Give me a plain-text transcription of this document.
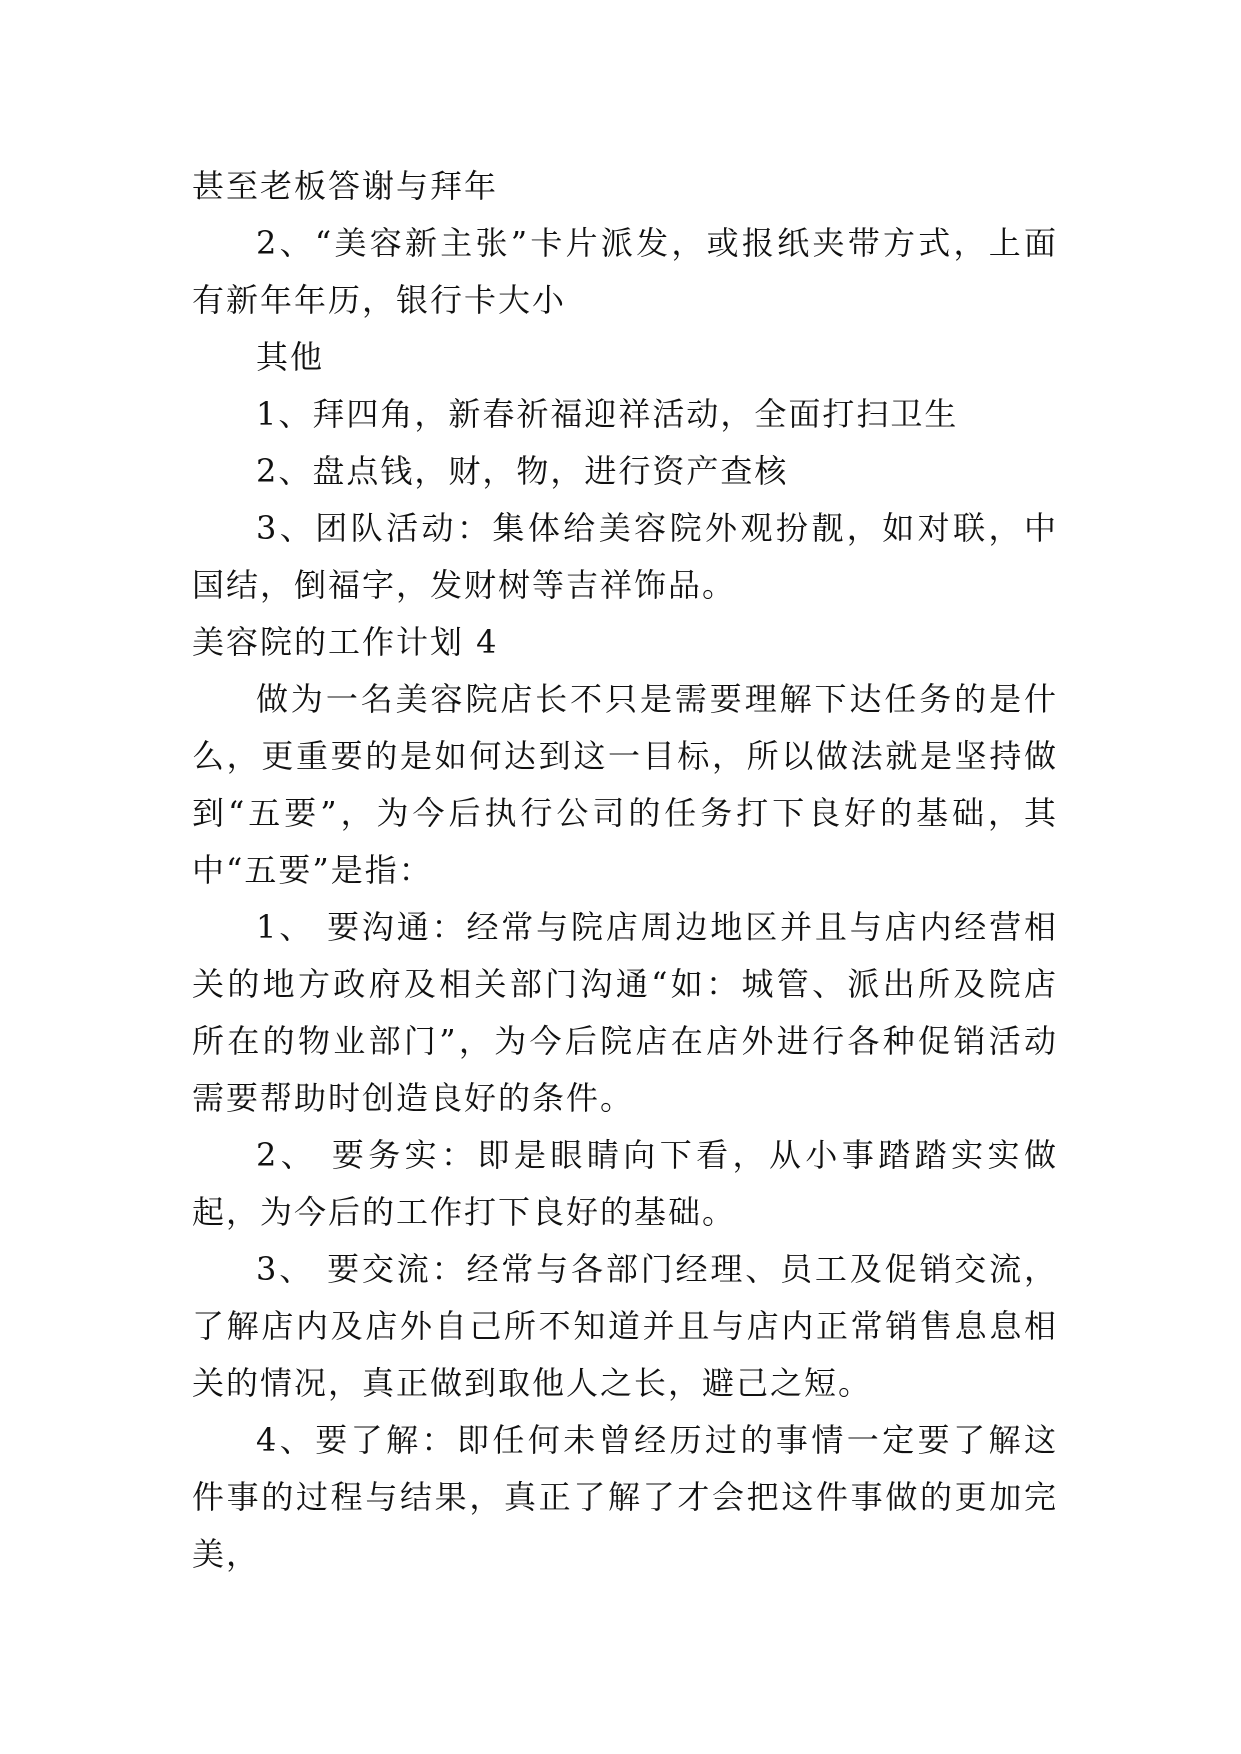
甚至老板答谢与拜年

2、“美容新主张”卡片派发，或报纸夹带方式，上面有新年年历，银行卡大小

其他

1、拜四角，新春祈福迎祥活动，全面打扫卫生

2、盘点钱，财，物，进行资产查核

3、团队活动：集体给美容院外观扮靓，如对联，中国结，倒福字，发财树等吉祥饰品。

美容院的工作计划 4

做为一名美容院店长不只是需要理解下达任务的是什么，更重要的是如何达到这一目标，所以做法就是坚持做到“五要”，为今后执行公司的任务打下良好的基础，其中“五要”是指：

1、 要沟通：经常与院店周边地区并且与店内经营相关的地方政府及相关部门沟通“如：城管、派出所及院店所在的物业部门”，为今后院店在店外进行各种促销活动需要帮助时创造良好的条件。

2、 要务实：即是眼睛向下看，从小事踏踏实实做起，为今后的工作打下良好的基础。

3、 要交流：经常与各部门经理、员工及促销交流，了解店内及店外自己所不知道并且与店内正常销售息息相关的情况，真正做到取他人之长，避己之短。

4、要了解：即任何未曾经历过的事情一定要了解这件事的过程与结果，真正了解了才会把这件事做的更加完美，
